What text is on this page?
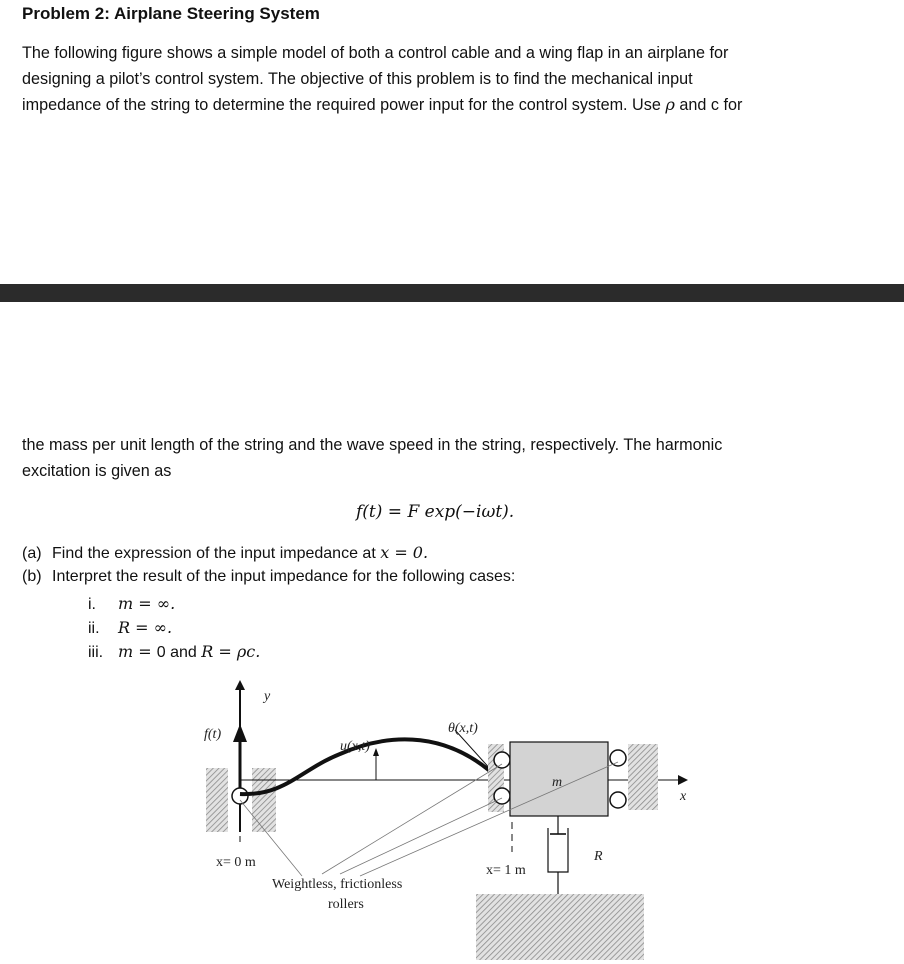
Problem 2: Airplane Steering System
The following figure shows a simple model of both a control cable and a wing flap in an airplane for
designing a pilot’s control system. The objective of this problem is to find the mechanical input
impedance of the string to determine the required power input for the control system. Use ρ and c for
the mass per unit length of the string and the wave speed in the string, respectively. The harmonic
excitation is given as
f(t) = F exp(−iωt).
(a) Find the expression of the input impedance at x = 0.
(b) Interpret the result of the input impedance for the following cases:
i. m = ∞.
ii. R = ∞.
iii. m = 0 and R = ρc.
y
f(t)
x= 0 m
x
u(x,t)
θ(x,t)
m
x= 1 m
R
Weightless, frictionless
rollers
